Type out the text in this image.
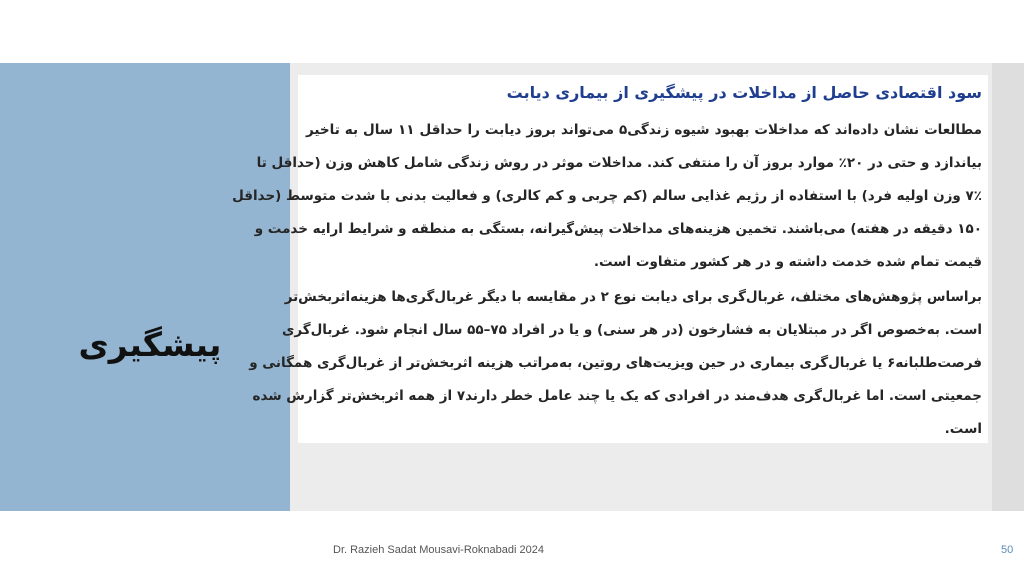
پیشگیری
سود اقتصادی حاصل از مداخلات در پیشگیری از بیماری دیابت

مطالعات نشان داده‌اند که مداخلات بهبود شیوه زندگی۵ می‌تواند بروز دیابت را حداقل ۱۱ سال به تاخیر

بیاندازد و حتی در ۲۰٪ موارد بروز آن را منتفی کند. مداخلات موثر در روش زندگی شامل کاهش وزن (حداقل تا

۷٪ وزن اولیه فرد) با استفاده از رژیم غذایی سالم (کم چربی و کم کالری) و فعالیت بدنی با شدت متوسط (حداقل

۱۵۰ دقیقه در هفته) می‌باشند. تخمین هزینه‌های مداخلات پیش‌گیرانه، بستگی به منطقه و شرایط ارایه خدمت و

قیمت تمام شده خدمت داشته و در هر کشور متفاوت است.

براساس پژوهش‌های مختلف، غربال‌گری برای دیابت نوع ۲ در مقایسه با دیگر غربال‌گری‌ها هزینه‌اثربخش‌تر

است. به‌خصوص اگر در مبتلایان به فشارخون (در هر سنی) و یا در افراد ۷۵–۵۵ سال انجام شود. غربال‌گری

فرصت‌طلبانه۶ یا غربال‌گری بیماری در حین ویزیت‌های روتین، به‌مراتب هزینه اثربخش‌تر از غربال‌گری همگانی و

جمعیتی است. اما غربال‌گری هدف‌مند در افرادی که یک یا چند عامل خطر دارند۷ از همه اثربخش‌تر گزارش شده

است.

Dr. Razieh Sadat Mousavi-Roknabadi 2024	50
